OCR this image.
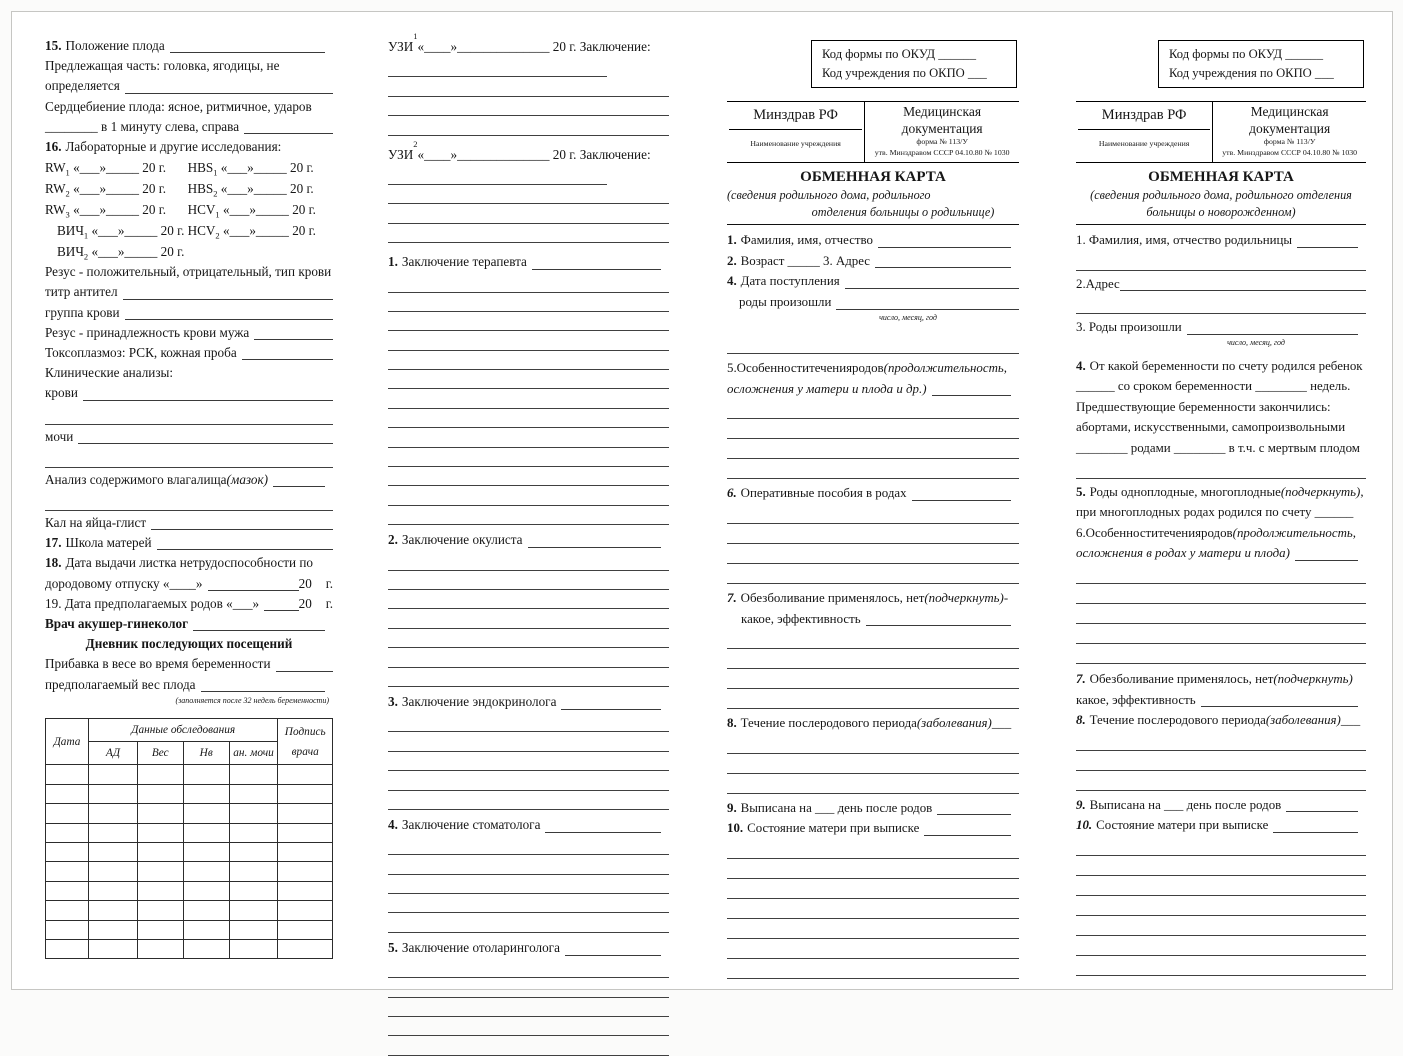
15. Положение плода
Предлежащая часть: головка, ягодицы, не
определяется
Сердцебиение плода: ясное, ритмичное, ударов
________ в 1 минуту слева, справа
16. Лабораторные и другие исследования:
$RW_1$ «___»_____ 20 г.	$HBS_1$ «___»_____ 20 г.
$RW_2$ «___»_____ 20 г.	$HBS_2$ «___»_____ 20 г.
$RW_3$ «___»_____ 20 г.	$HCV_1$ «___»_____ 20 г.
$ВИЧ_1$ «___»_____ 20 г. $HCV_2$ «___»_____ 20 г.
$ВИЧ_2$ «___»_____ 20 г.
Резус - положительный, отрицательный, тип крови
титр антител
группа крови
Резус - принадлежность крови мужа
Токсоплазмоз: РСК, кожная проба
Клинические анализы:
крови
мочи
Анализ содержимого влагалища (мазок)
Кал на яйца-глист
17. Школа матерей
18. Дата выдачи листка нетрудоспособности по
дородовому отпуску «____»	20 г.
19. Дата предполагаемых родов «___»	20 г.
Врач акушер-гинеколог
Дневник последующих посещений
Прибавка в весе во время беременности
предполагаемый вес плода
(заполняется после 32 недель беременности)
Дата	Данные обследования				Подпись врача
	АД	Вес	Нв	ан. мочи	

УЗИ
1
«____»______________ 20 г. Заключение:
УЗИ
2
«____»______________ 20 г. Заключение:
1. Заключение терапевта
2. Заключение окулиста
3. Заключение эндокринолога
4. Заключение стоматолога
5. Заключение отоларинголога
Код формы по ОКУД ______
Код учреждения по ОКПО ___
Минздрав РФ
Наименование учреждения
Медицинская
документация
форма № 113/У
утв. Минздравом СССР 04.10.80 № 1030
ОБМЕННАЯ КАРТА
(сведения родильного дома, родильного
отделения больницы о родильнице)
1. Фамилия, имя, отчество
2. Возраст _____ 3. Адрес
4. Дата поступления
роды произошли
число, месяц, год
5.Особенноститеченияродов (продолжительность,
осложнения у матери и плода и др.)
6. Оперативные пособия в родах
7. Обезболивание применялось, нет (подчеркнуть) -
какое, эффективность
8. Течение послеродового периода (заболевания) ___
9. Выписана на ___ день после родов
10. Состояние матери при выписке
Код формы по ОКУД ______
Код учреждения по ОКПО ___
Минздрав РФ
Наименование учреждения
Медицинская
документация
форма № 113/У
утв. Минздравом СССР 04.10.80 № 1030
ОБМЕННАЯ КАРТА
(сведения родильного дома, родильного отделения
больницы о новорожденном)
1. Фамилия, имя, отчество родильницы
2.Адрес
3. Роды произошли
число, месяц, год
4. От какой беременности по счету родился ребенок
______ со сроком беременности ________ недель.
Предшествующие беременности закончились:
абортами, искусственными, самопроизвольными
________ родами ________ в т.ч. с мертвым плодом
5. Роды одноплодные, многоплодные (подчеркнуть) ,
при многоплодных родах родился по счету ______
6.Особенноститеченияродов (продолжительность,
осложнения в родах у матери и плода)
7. Обезболивание применялось, нет (подчеркнуть)
какое, эффективность
8. Течение послеродового периода (заболевания) ___
9. Выписана на ___ день после родов
10. Состояние матери при выписке
